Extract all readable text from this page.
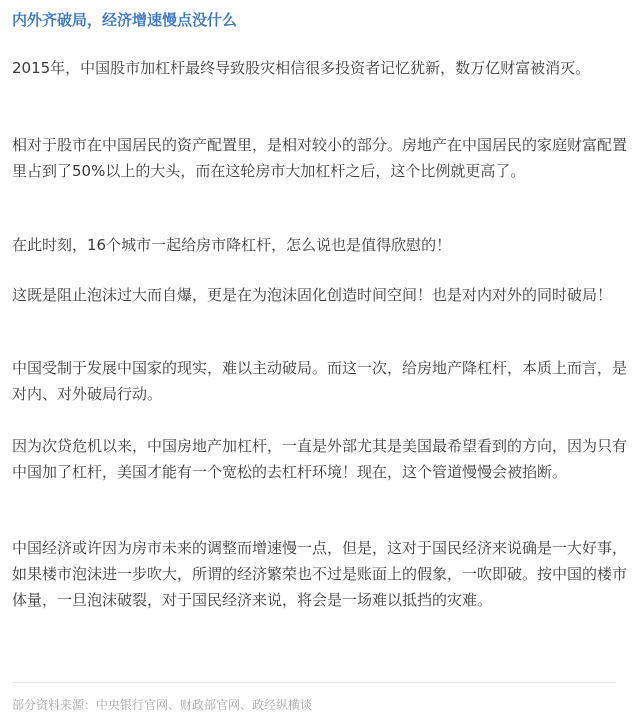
内外齐破局，经济增速慢点没什么

2015年，中国股市加杠杆最终导致股灾相信很多投资者记忆犹新，数万亿财富被消灭。

相对于股市在中国居民的资产配置里，是相对较小的部分。房地产在中国居民的家庭财富配置里占到了50%以上的大头，而在这轮房市大加杠杆之后，这个比例就更高了。

在此时刻，16个城市一起给房市降杠杆，怎么说也是值得欣慰的！

这既是阻止泡沫过大而自爆，更是在为泡沫固化创造时间空间！也是对内对外的同时破局！

中国受制于发展中国家的现实，难以主动破局。而这一次，给房地产降杠杆，本质上而言，是对内、对外破局行动。

因为次贷危机以来，中国房地产加杠杆，一直是外部尤其是美国最希望看到的方向，因为只有中国加了杠杆，美国才能有一个宽松的去杠杆环境！现在，这个管道慢慢会被掐断。

中国经济或许因为房市未来的调整而增速慢一点，但是，这对于国民经济来说确是一大好事，如果楼市泡沫进一步吹大，所谓的经济繁荣也不过是账面上的假象，一吹即破。按中国的楼市体量，一旦泡沫破裂，对于国民经济来说，将会是一场难以抵挡的灾难。

部分资料来源：中央银行官网、财政部官网、政经纵横谈
